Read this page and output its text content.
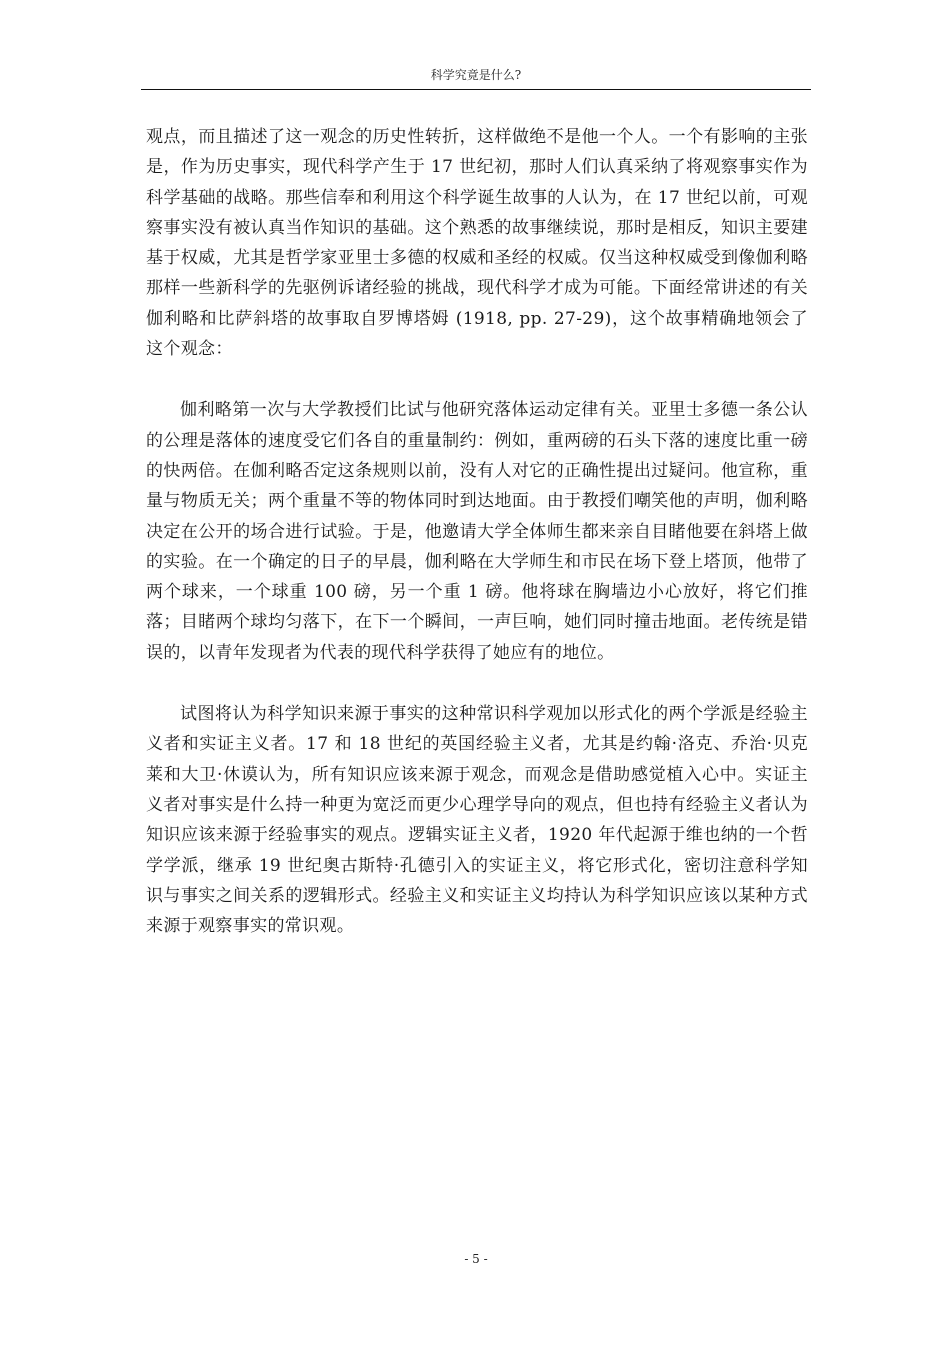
科学究竟是什么?

观点，而且描述了这一观念的历史性转折，这样做绝不是他一个人。一个有影响的主张是，作为历史事实，现代科学产生于 17 世纪初，那时人们认真采纳了将观察事实作为科学基础的战略。那些信奉和利用这个科学诞生故事的人认为，在 17 世纪以前，可观察事实没有被认真当作知识的基础。这个熟悉的故事继续说，那时是相反，知识主要建基于权威，尤其是哲学家亚里士多德的权威和圣经的权威。仅当这种权威受到像伽利略那样一些新科学的先驱例诉诸经验的挑战，现代科学才成为可能。下面经常讲述的有关伽利略和比萨斜塔的故事取自罗博塔姆 (1918, pp. 27-29)，这个故事精确地领会了这个观念：

伽利略第一次与大学教授们比试与他研究落体运动定律有关。亚里士多德一条公认的公理是落体的速度受它们各自的重量制约：例如，重两磅的石头下落的速度比重一磅的快两倍。在伽利略否定这条规则以前，没有人对它的正确性提出过疑问。他宣称，重量与物质无关；两个重量不等的物体同时到达地面。由于教授们嘲笑他的声明，伽利略决定在公开的场合进行试验。于是，他邀请大学全体师生都来亲自目睹他要在斜塔上做的实验。在一个确定的日子的早晨，伽利略在大学师生和市民在场下登上塔顶，他带了两个球来，一个球重 100 磅，另一个重 1 磅。他将球在胸墙边小心放好，将它们推落；目睹两个球均匀落下，在下一个瞬间，一声巨响，她们同时撞击地面。老传统是错误的，以青年发现者为代表的现代科学获得了她应有的地位。

试图将认为科学知识来源于事实的这种常识科学观加以形式化的两个学派是经验主义者和实证主义者。17 和 18 世纪的英国经验主义者，尤其是约翰·洛克、乔治·贝克莱和大卫·休谟认为，所有知识应该来源于观念，而观念是借助感觉植入心中。实证主义者对事实是什么持一种更为宽泛而更少心理学导向的观点，但也持有经验主义者认为知识应该来源于经验事实的观点。逻辑实证主义者，1920 年代起源于维也纳的一个哲学学派，继承 19 世纪奥古斯特·孔德引入的实证主义，将它形式化，密切注意科学知识与事实之间关系的逻辑形式。经验主义和实证主义均持认为科学知识应该以某种方式来源于观察事实的常识观。

- 5 -
